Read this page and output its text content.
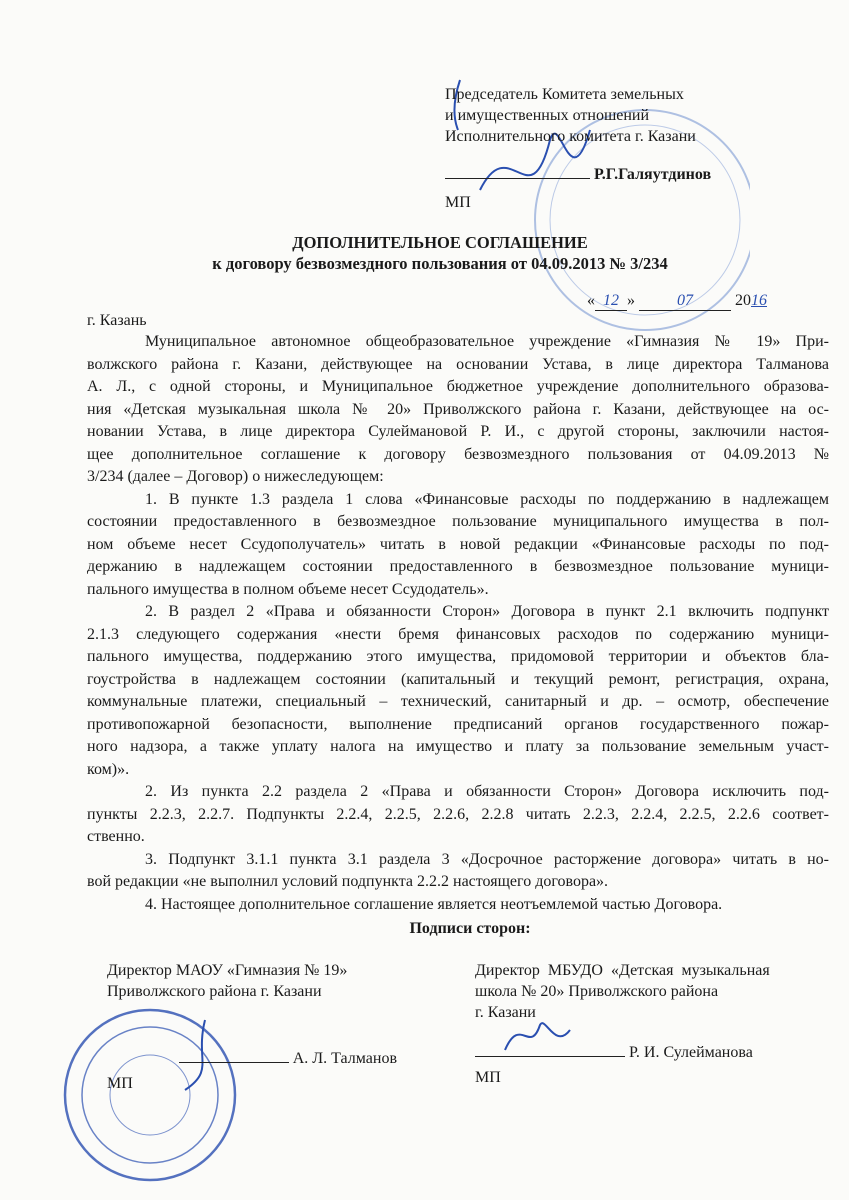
Председатель Комитета земельных
и имущественных отношений
Исполнительного комитета г. Казани
Р.Г.Галяутдинов
МП
ДОПОЛНИТЕЛЬНОЕ СОГЛАШЕНИЕ
к договору безвозмездного пользования от 04.09.2013 № 3/234
« 12 »	07	2016
г. Казань
Муниципальное автономное общеобразовательное учреждение «Гимназия № 19» При-
волжского района г. Казани, действующее на основании Устава, в лице директора Талманова
А. Л., с одной стороны, и Муниципальное бюджетное учреждение дополнительного образова-
ния «Детская музыкальная школа № 20» Приволжского района г. Казани, действующее на ос-
новании Устава, в лице директора Сулеймановой Р. И., с другой стороны, заключили настоя-
щее дополнительное соглашение к договору безвозмездного пользования от 04.09.2013 №
3/234 (далее – Договор) о нижеследующем:
1. В пункте 1.3 раздела 1 слова «Финансовые расходы по поддержанию в надлежащем
состоянии предоставленного в безвозмездное пользование муниципального имущества в пол-
ном объеме несет Ссудополучатель» читать в новой редакции «Финансовые расходы по под-
держанию в надлежащем состоянии предоставленного в безвозмездное пользование муници-
пального имущества в полном объеме несет Ссудодатель».
2. В раздел 2 «Права и обязанности Сторон» Договора в пункт 2.1 включить подпункт
2.1.3 следующего содержания «нести бремя финансовых расходов по содержанию муници-
пального имущества, поддержанию этого имущества, придомовой территории и объектов бла-
гоустройства в надлежащем состоянии (капитальный и текущий ремонт, регистрация, охрана,
коммунальные платежи, специальный – технический, санитарный и др. – осмотр, обеспечение
противопожарной безопасности, выполнение предписаний органов государственного пожар-
ного надзора, а также уплату налога на имущество и плату за пользование земельным участ-
ком)».
2. Из пункта 2.2 раздела 2 «Права и обязанности Сторон» Договора исключить под-
пункты 2.2.3, 2.2.7. Подпункты 2.2.4, 2.2.5, 2.2.6, 2.2.8 читать 2.2.3, 2.2.4, 2.2.5, 2.2.6 соответ-
ственно.
3. Подпункт 3.1.1 пункта 3.1 раздела 3 «Досрочное расторжение договора» читать в но-
вой редакции «не выполнил условий подпункта 2.2.2 настоящего договора».
4. Настоящее дополнительное соглашение является неотъемлемой частью Договора.
Подписи сторон:
Директор МАОУ «Гимназия № 19»
Приволжского района г. Казани
А. Л. Талманов
МП
Директор  МБУДО  «Детская  музыкальная
школа № 20» Приволжского района
г. Казани
Р. И. Сулейманова
МП
